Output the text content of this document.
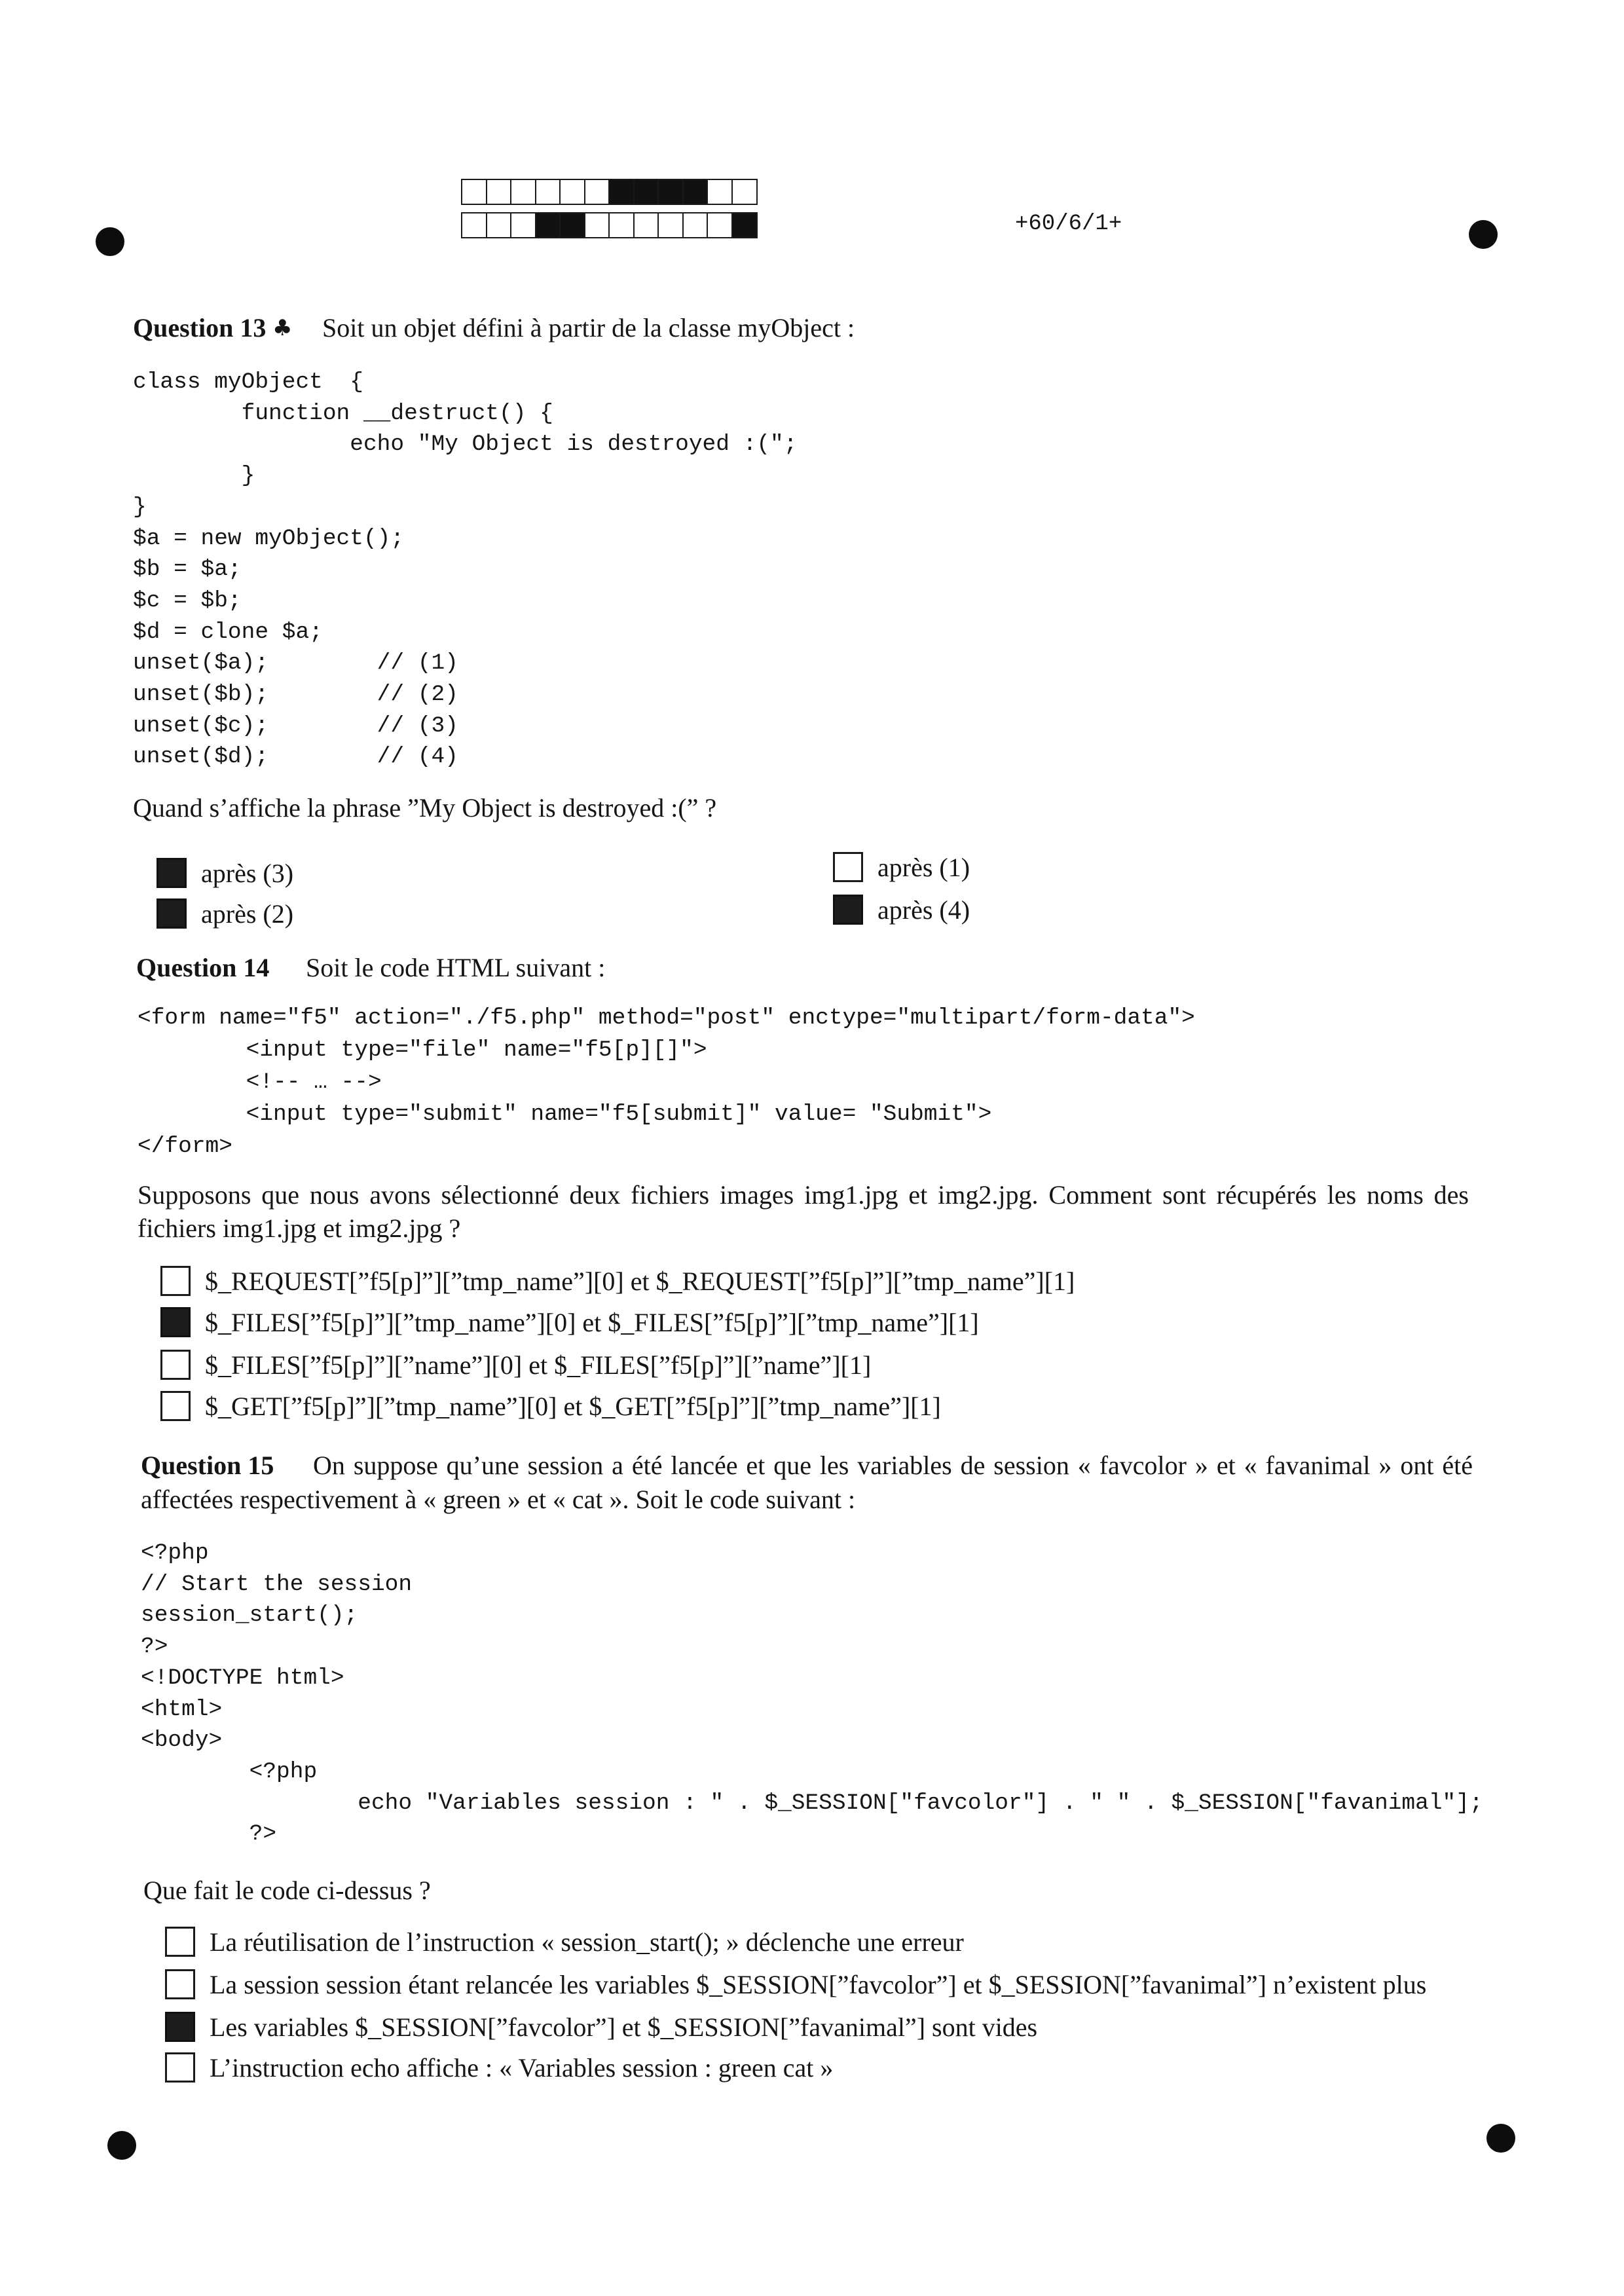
+60/6/1+
Question 13 ♣ Soit un objet défini à partir de la classe myObject :
class myObject  {
function __destruct() {
echo "My Object is destroyed :(";
}
}
$a = new myObject();
$b = $a;
$c = $b;
$d = clone $a;
unset($a);        // (1)
unset($b);        // (2)
unset($c);        // (3)
unset($d);        // (4)
Quand s’affiche la phrase ”My Object is destroyed :(” ?
après (3)
après (2)
après (1)
après (4)
Question 14 Soit le code HTML suivant :
<form name="f5" action="./f5.php" method="post" enctype="multipart/form-data">
<input type="file" name="f5[p][]">
<!-- … -->
<input type="submit" name="f5[submit]" value= "Submit">
</form>
Supposons que nous avons sélectionné deux fichiers images img1.jpg et img2.jpg. Comment sont récupérés les noms des
fichiers img1.jpg et img2.jpg ?
$_REQUEST[”f5[p]”][”tmp_name”][0] et $_REQUEST[”f5[p]”][”tmp_name”][1]
$_FILES[”f5[p]”][”tmp_name”][0] et $_FILES[”f5[p]”][”tmp_name”][1]
$_FILES[”f5[p]”][”name”][0] et $_FILES[”f5[p]”][”name”][1]
$_GET[”f5[p]”][”tmp_name”][0] et $_GET[”f5[p]”][”tmp_name”][1]
Question 15 On suppose qu’une session a été lancée et que les variables de session « favcolor » et « favanimal » ont été
affectées respectivement à « green » et « cat ». Soit le code suivant :
<?php
// Start the session
session_start();
?>
<!DOCTYPE html>
<html>
<body>
<?php
echo "Variables session : " . $_SESSION["favcolor"] . " " . $_SESSION["favanimal"];
?>
Que fait le code ci-dessus ?
La réutilisation de l’instruction « session_start(); » déclenche une erreur
La session session étant relancée les variables $_SESSION[”favcolor”] et $_SESSION[”favanimal”] n’existent plus
Les variables $_SESSION[”favcolor”] et $_SESSION[”favanimal”] sont vides
L’instruction echo affiche : « Variables session : green cat »
